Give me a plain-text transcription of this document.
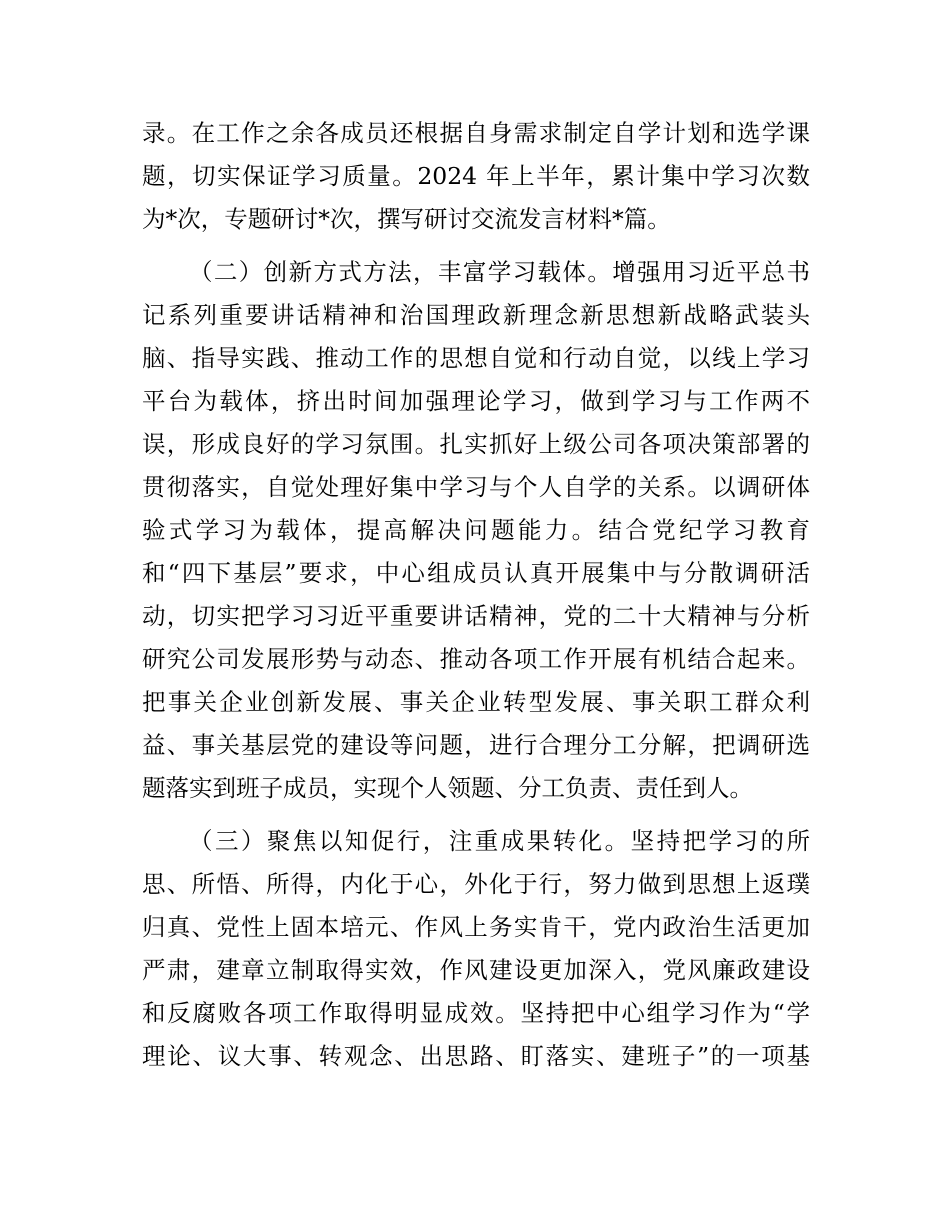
录。在工作之余各成员还根据自身需求制定自学计划和选学课
题，切实保证学习质量。2024 年上半年，累计集中学习次数
为*次，专题研讨*次，撰写研讨交流发言材料*篇。
（二）创新方式方法，丰富学习载体。增强用习近平总书
记系列重要讲话精神和治国理政新理念新思想新战略武装头
脑、指导实践、推动工作的思想自觉和行动自觉，以线上学习
平台为载体，挤出时间加强理论学习，做到学习与工作两不
误，形成良好的学习氛围。扎实抓好上级公司各项决策部署的
贯彻落实，自觉处理好集中学习与个人自学的关系。以调研体
验式学习为载体，提高解决问题能力。结合党纪学习教育
和“四下基层”要求，中心组成员认真开展集中与分散调研活
动，切实把学习习近平重要讲话精神，党的二十大精神与分析
研究公司发展形势与动态、推动各项工作开展有机结合起来。
把事关企业创新发展、事关企业转型发展、事关职工群众利
益、事关基层党的建设等问题，进行合理分工分解，把调研选
题落实到班子成员，实现个人领题、分工负责、责任到人。
（三）聚焦以知促行，注重成果转化。坚持把学习的所
思、所悟、所得，内化于心，外化于行，努力做到思想上返璞
归真、党性上固本培元、作风上务实肯干，党内政治生活更加
严肃，建章立制取得实效，作风建设更加深入，党风廉政建设
和反腐败各项工作取得明显成效。坚持把中心组学习作为“学
理论、议大事、转观念、出思路、盯落实、建班子”的一项基
